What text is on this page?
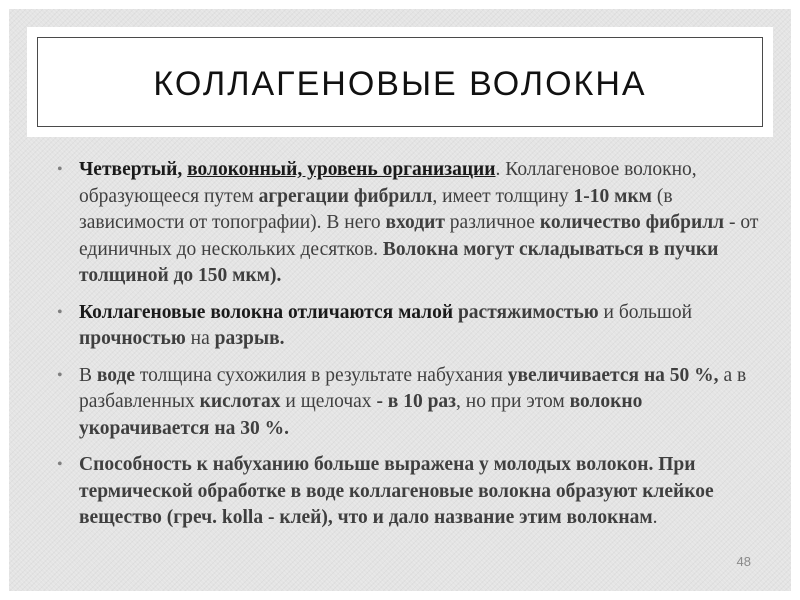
КОЛЛАГЕНОВЫЕ ВОЛОКНА
• Четвертый, волоконный, уровень организации. Коллагеновое волокно, образующееся путем агрегации фибрилл, имеет толщину 1-10 мкм (в зависимости от топографии). В него входит различное количество фибрилл - от единичных до нескольких десятков. Волокна могут складываться в пучки толщиной до 150 мкм).
• Коллагеновые волокна отличаются малой растяжимостью и большой прочностью на разрыв.
• В воде толщина сухожилия в результате набухания увеличивается на 50 %, а в разбавленных кислотах и щелочах - в 10 раз, но при этом волокно укорачивается на 30 %.
• Способность к набуханию больше выражена у молодых волокон. При термической обработке в воде коллагеновые волокна образуют клейкое вещество (греч. kolla - клей), что и дало название этим волокнам.
48
